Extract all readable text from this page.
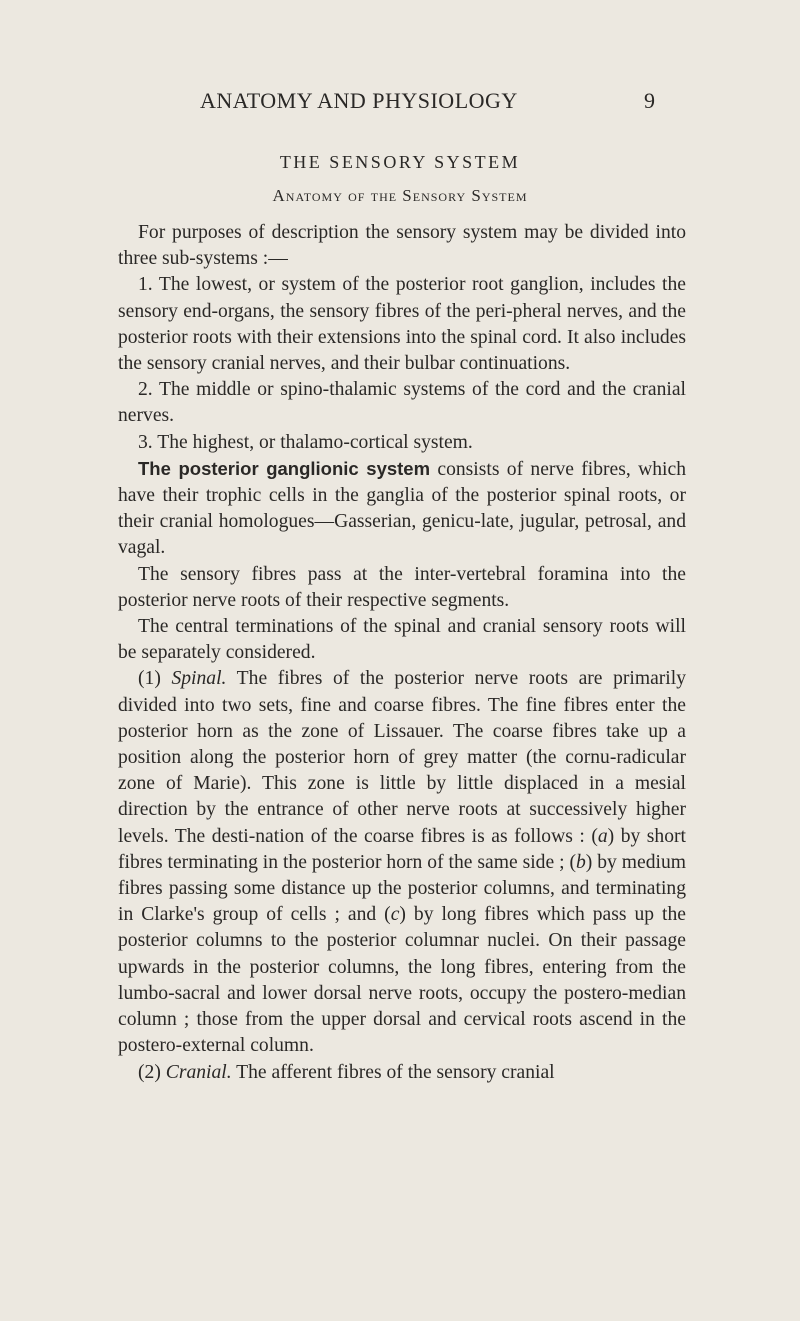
ANATOMY AND PHYSIOLOGY	9
THE SENSORY SYSTEM
Anatomy of the Sensory System

For purposes of description the sensory system may be divided into three sub-systems :—

1. The lowest, or system of the posterior root ganglion, includes the sensory end-organs, the sensory fibres of the peri-pheral nerves, and the posterior roots with their extensions into the spinal cord. It also includes the sensory cranial nerves, and their bulbar continuations.

2. The middle or spino-thalamic systems of the cord and the cranial nerves.

3. The highest, or thalamo-cortical system.

The posterior ganglionic system consists of nerve fibres, which have their trophic cells in the ganglia of the posterior spinal roots, or their cranial homologues—Gasserian, genicu-late, jugular, petrosal, and vagal.

The sensory fibres pass at the inter-vertebral foramina into the posterior nerve roots of their respective segments.

The central terminations of the spinal and cranial sensory roots will be separately considered.

(1) Spinal. The fibres of the posterior nerve roots are primarily divided into two sets, fine and coarse fibres. The fine fibres enter the posterior horn as the zone of Lissauer. The coarse fibres take up a position along the posterior horn of grey matter (the cornu-radicular zone of Marie). This zone is little by little displaced in a mesial direction by the entrance of other nerve roots at successively higher levels. The desti-nation of the coarse fibres is as follows : (a) by short fibres terminating in the posterior horn of the same side ; (b) by medium fibres passing some distance up the posterior columns, and terminating in Clarke's group of cells ; and (c) by long fibres which pass up the posterior columns to the posterior columnar nuclei. On their passage upwards in the posterior columns, the long fibres, entering from the lumbo-sacral and lower dorsal nerve roots, occupy the postero-median column ; those from the upper dorsal and cervical roots ascend in the postero-external column.

(2) Cranial. The afferent fibres of the sensory cranial
